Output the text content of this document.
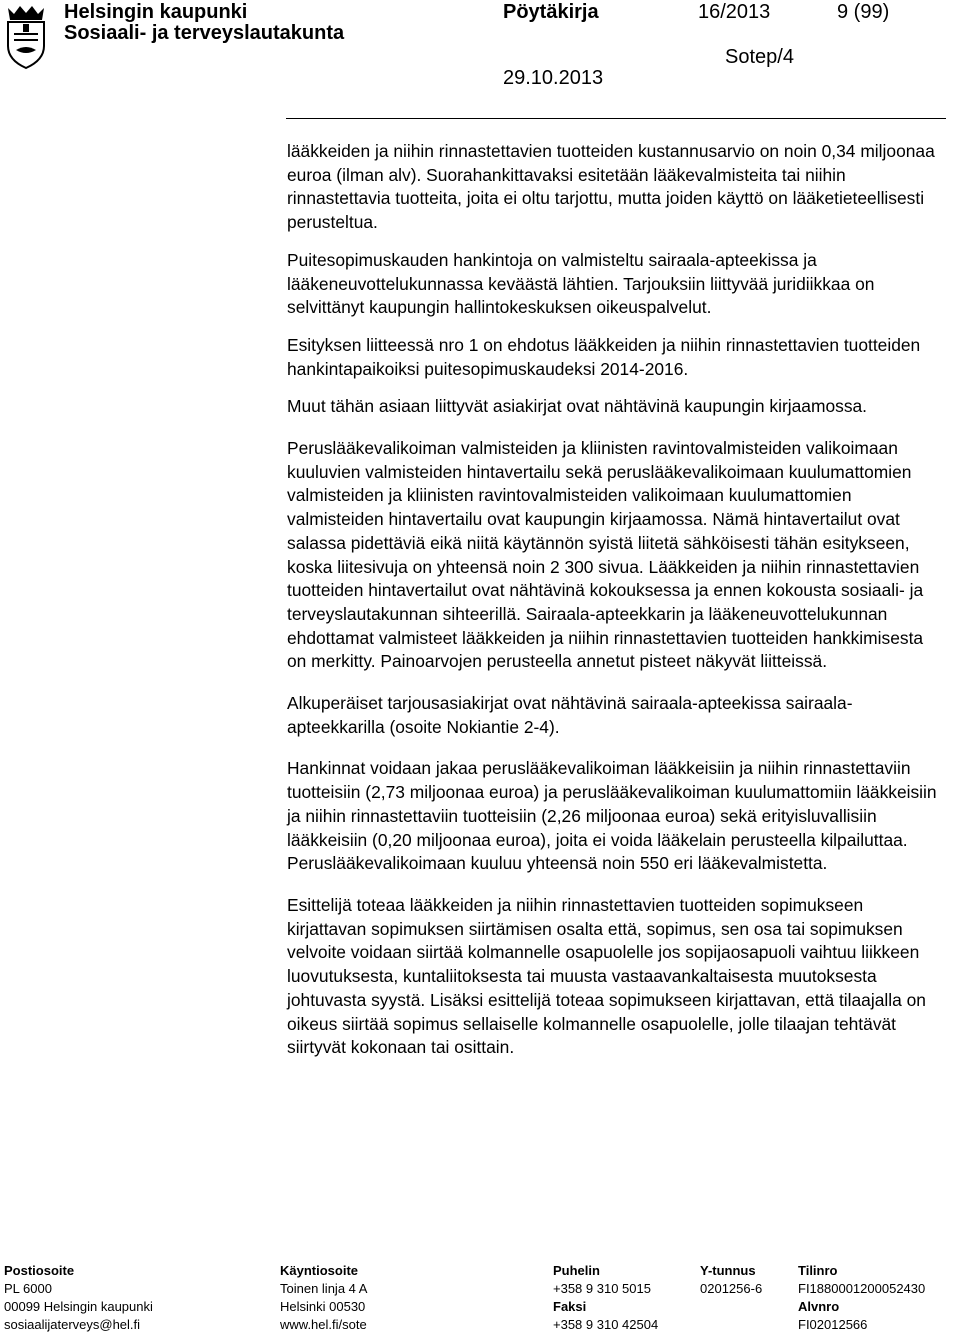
Helsingin kaupunki
Sosiaali- ja terveyslautakunta
Pöytäkirja	16/2013	9 (99)
Sotep/4
29.10.2013

lääkkeiden ja niihin rinnastettavien tuotteiden kustannusarvio on noin 0,34 miljoonaa euroa (ilman alv). Suorahankittavaksi esitetään lääkevalmisteita tai niihin rinnastettavia tuotteita, joita ei oltu tarjottu, mutta joiden käyttö on lääketieteellisesti perusteltua.

Puitesopimuskauden hankintoja on valmisteltu sairaala-apteekissa ja lääkeneuvottelukunnassa keväästä lähtien. Tarjouksiin liittyvää juridiikkaa on selvittänyt kaupungin hallintokeskuksen oikeuspalvelut.

Esityksen liitteessä nro 1 on ehdotus lääkkeiden ja niihin rinnastettavien tuotteiden hankintapaikoiksi puitesopimuskaudeksi 2014-2016.

Muut tähän asiaan liittyvät asiakirjat ovat nähtävinä kaupungin kirjaamossa.

Peruslääkevalikoiman valmisteiden ja kliinisten ravintovalmisteiden valikoimaan kuuluvien valmisteiden hintavertailu sekä peruslääkevalikoimaan kuulumattomien valmisteiden ja kliinisten ravintovalmisteiden valikoimaan kuulumattomien valmisteiden hintavertailu ovat kaupungin kirjaamossa. Nämä hintavertailut ovat salassa pidettäviä eikä niitä käytännön syistä liitetä sähköisesti tähän esitykseen, koska liitesivuja on yhteensä noin 2 300 sivua. Lääkkeiden ja niihin rinnastettavien tuotteiden hintavertailut ovat nähtävinä kokouksessa ja ennen kokousta sosiaali- ja terveyslautakunnan sihteerillä. Sairaala-apteekkarin ja lääkeneuvottelukunnan ehdottamat valmisteet lääkkeiden ja niihin rinnastettavien tuotteiden hankkimisesta on merkitty. Painoarvojen perusteella annetut pisteet näkyvät liitteissä.

Alkuperäiset tarjousasiakirjat ovat nähtävinä sairaala-apteekissa sairaala-apteekkarilla (osoite Nokiantie 2-4).

Hankinnat voidaan jakaa peruslääkevalikoiman lääkkeisiin ja niihin rinnastettaviin tuotteisiin (2,73 miljoonaa euroa) ja peruslääkevalikoiman kuulumattomiin lääkkeisiin ja niihin rinnastettaviin tuotteisiin (2,26 miljoonaa euroa) sekä erityisluvallisiin lääkkeisiin (0,20 miljoonaa euroa), joita ei voida lääkelain perusteella kilpailuttaa. Peruslääkevalikoimaan kuuluu yhteensä noin 550 eri lääkevalmistetta.

Esittelijä toteaa lääkkeiden ja niihin rinnastettavien tuotteiden sopimukseen kirjattavan sopimuksen siirtämisen osalta että, sopimus, sen osa tai sopimuksen velvoite voidaan siirtää kolmannelle osapuolelle jos sopijaosapuoli vaihtuu liikkeen luovutuksesta, kuntaliitoksesta tai muusta vastaavankaltaisesta muutoksesta johtuvasta syystä. Lisäksi esittelijä toteaa sopimukseen kirjattavan, että tilaajalla on oikeus siirtää sopimus sellaiselle kolmannelle osapuolelle, jolle tilaajan tehtävät siirtyvät kokonaan tai osittain.

Postiosoite
PL 6000
00099 Helsingin kaupunki
sosiaalijaterveys@hel.fi
Käyntiosoite
Toinen linja 4 A
Helsinki 00530
www.hel.fi/sote
Puhelin
+358 9 310 5015
Faksi
+358 9 310 42504
Y-tunnus
0201256-6
Tilinro
FI1880001200052430
Alvnro
FI02012566
